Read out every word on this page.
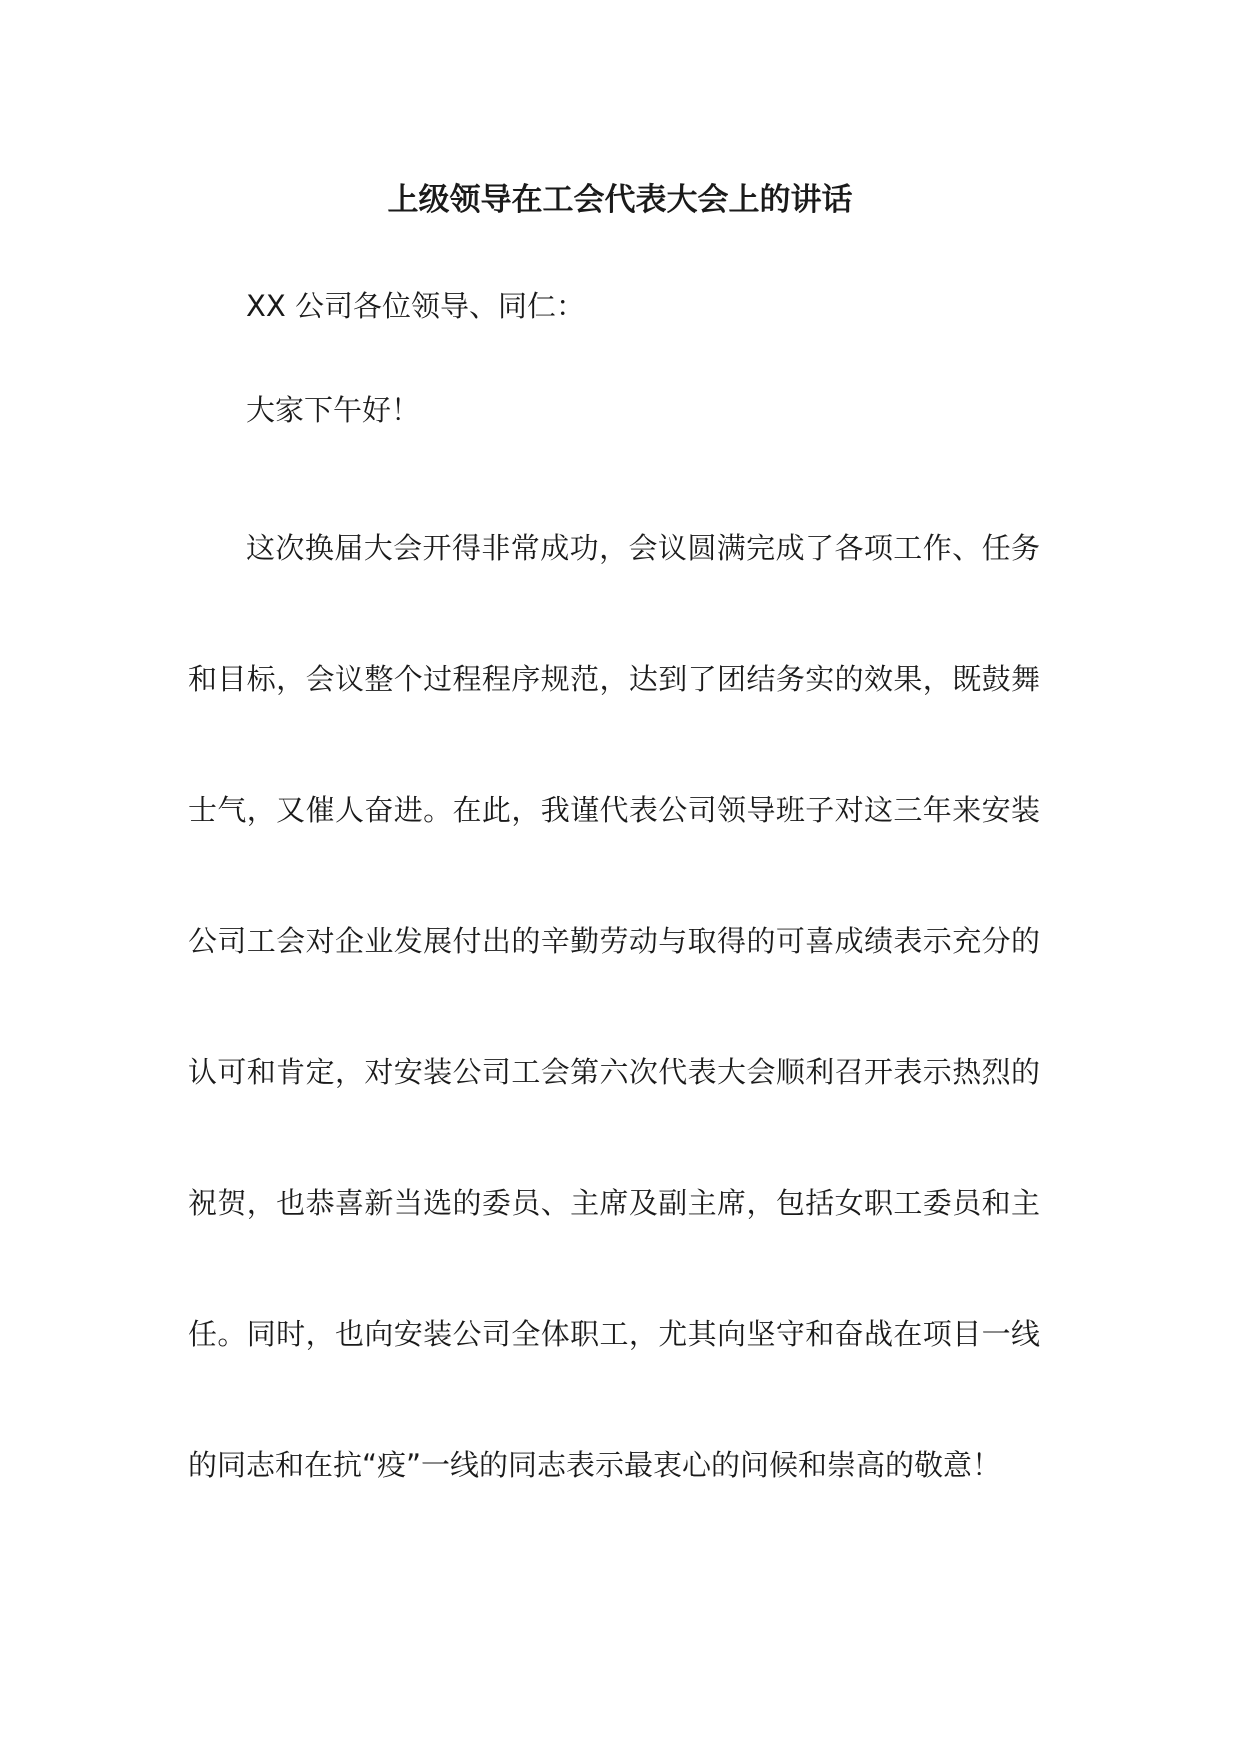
上级领导在工会代表大会上的讲话

XX 公司各位领导、同仁：

大家下午好！

这次换届大会开得非常成功，会议圆满完成了各项工作、任务和目标，会议整个过程程序规范，达到了团结务实的效果，既鼓舞士气，又催人奋进。在此，我谨代表公司领导班子对这三年来安装公司工会对企业发展付出的辛勤劳动与取得的可喜成绩表示充分的认可和肯定，对安装公司工会第六次代表大会顺利召开表示热烈的祝贺，也恭喜新当选的委员、主席及副主席，包括女职工委员和主任。同时，也向安装公司全体职工，尤其向坚守和奋战在项目一线的同志和在抗“疫”一线的同志表示最衷心的问候和崇高的敬意！
